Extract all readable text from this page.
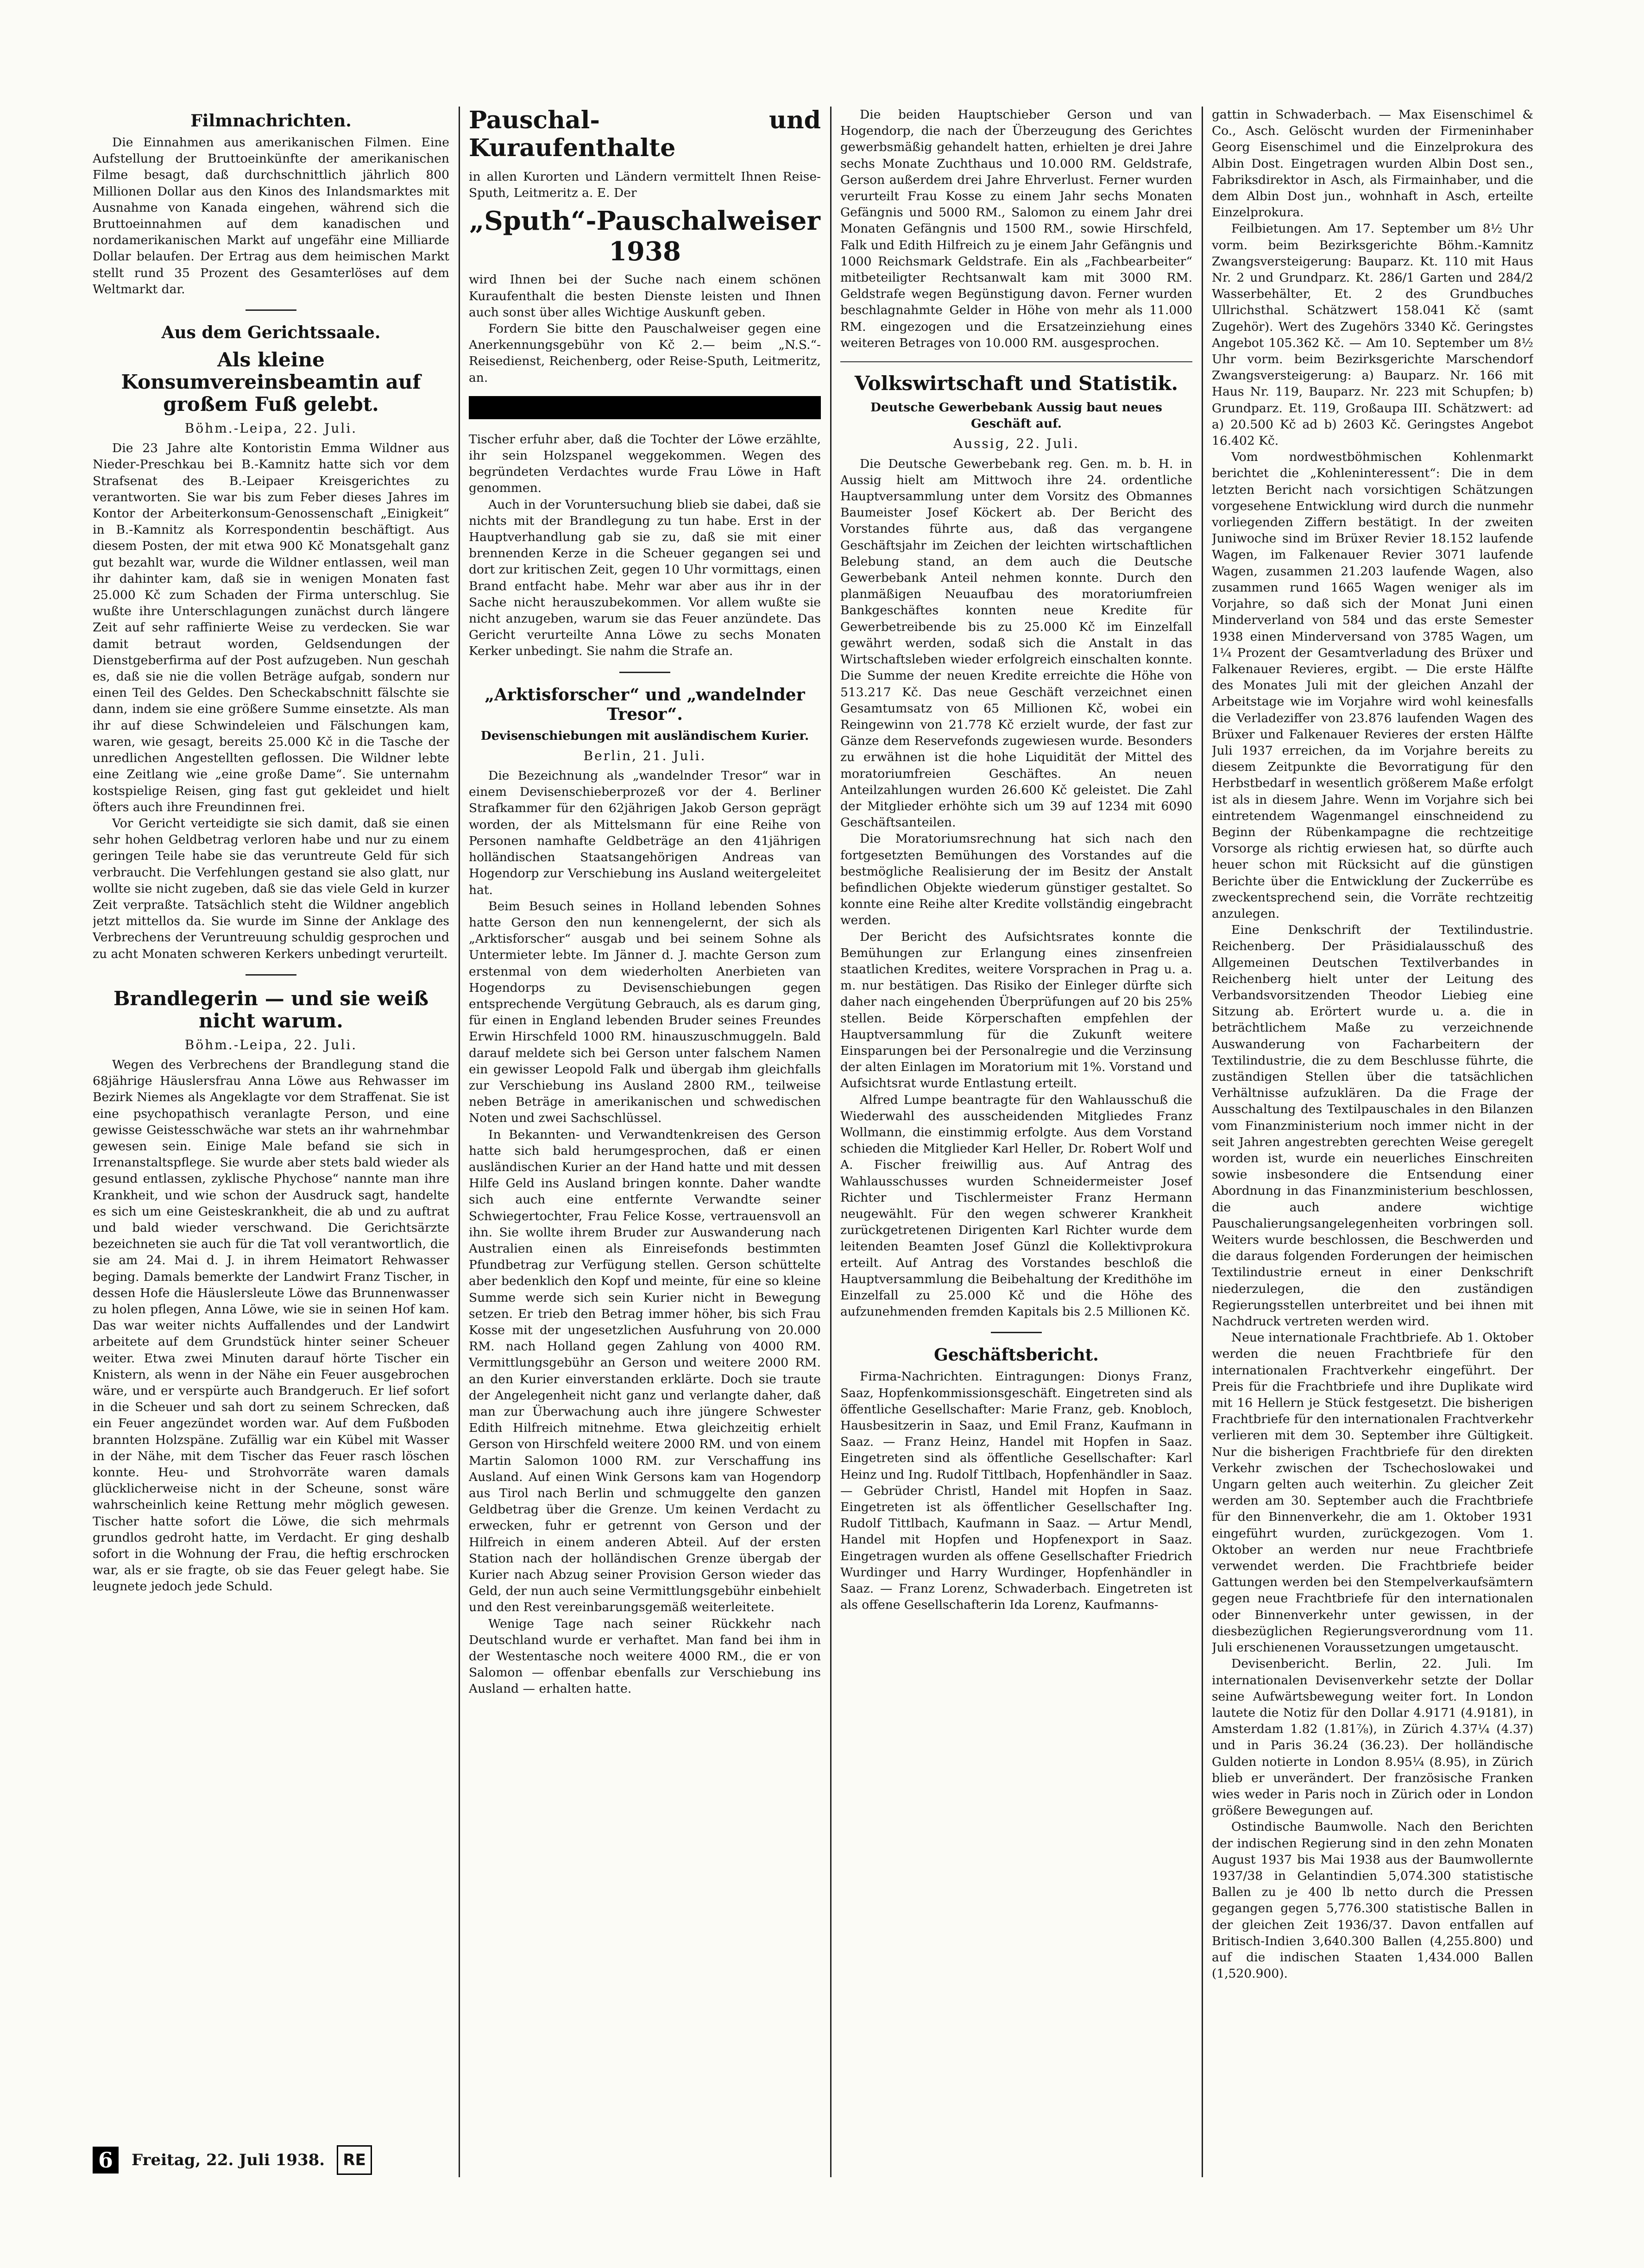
Filmnachrichten.

Die Einnahmen aus amerikanischen Filmen. Eine Aufstellung der Bruttoeinkünfte der amerikanischen Filme besagt, daß durchschnittlich jährlich 800 Millionen Dollar aus den Kinos des Inlandsmarktes mit Ausnahme von Kanada eingehen, während sich die Bruttoeinnahmen auf dem kanadischen und nordamerikanischen Markt auf ungefähr eine Milliarde Dollar belaufen. Der Ertrag aus dem heimischen Markt stellt rund 35 Prozent des Gesamterlöses auf dem Weltmarkt dar.

Aus dem Gerichtssaale.
Als kleine Konsumvereinsbeamtin auf großem Fuß gelebt.
Böhm.-Leipa, 22. Juli.

Die 23 Jahre alte Kontoristin Emma Wildner aus Nieder-Preschkau bei B.-Kamnitz hatte sich vor dem Strafsenat des B.-Leipaer Kreisgerichtes zu verantworten. Sie war bis zum Feber dieses Jahres im Kontor der Arbeiterkonsum-Genossenschaft „Einigkeit“ in B.-Kamnitz als Korrespondentin beschäftigt. Aus diesem Posten, der mit etwa 900 Kč Monatsgehalt ganz gut bezahlt war, wurde die Wildner entlassen, weil man ihr dahinter kam, daß sie in wenigen Monaten fast 25.000 Kč zum Schaden der Firma unterschlug. Sie wußte ihre Unterschlagungen zunächst durch längere Zeit auf sehr raffinierte Weise zu verdecken. Sie war damit betraut worden, Geldsendungen der Dienstgeberfirma auf der Post aufzugeben. Nun geschah es, daß sie nie die vollen Beträge aufgab, sondern nur einen Teil des Geldes. Den Scheckabschnitt fälschte sie dann, indem sie eine größere Summe einsetzte. Als man ihr auf diese Schwindeleien und Fälschungen kam, waren, wie gesagt, bereits 25.000 Kč in die Tasche der unredlichen Angestellten geflossen. Die Wildner lebte eine Zeitlang wie „eine große Dame“. Sie unternahm kostspielige Reisen, ging fast gut gekleidet und hielt öfters auch ihre Freundinnen frei.

Vor Gericht verteidigte sie sich damit, daß sie einen sehr hohen Geldbetrag verloren habe und nur zu einem geringen Teile habe sie das veruntreute Geld für sich verbraucht. Die Verfehlungen gestand sie also glatt, nur wollte sie nicht zugeben, daß sie das viele Geld in kurzer Zeit verpraßte. Tatsächlich steht die Wildner angeblich jetzt mittellos da. Sie wurde im Sinne der Anklage des Verbrechens der Veruntreuung schuldig gesprochen und zu acht Monaten schweren Kerkers unbedingt verurteilt.

Brandlegerin — und sie weiß nicht warum.
Böhm.-Leipa, 22. Juli.

Wegen des Verbrechens der Brandlegung stand die 68jährige Häuslersfrau Anna Löwe aus Rehwasser im Bezirk Niemes als Angeklagte vor dem Straffenat. Sie ist eine psychopathisch veranlagte Person, und eine gewisse Geistesschwäche war stets an ihr wahrnehmbar gewesen sein. Einige Male befand sie sich in Irrenanstaltspflege. Sie wurde aber stets bald wieder als gesund entlassen, zyklische Phychose“ nannte man ihre Krankheit, und wie schon der Ausdruck sagt, handelte es sich um eine Geisteskrankheit, die ab und zu auftrat und bald wieder verschwand. Die Gerichtsärzte bezeichneten sie auch für die Tat voll verantwortlich, die sie am 24. Mai d. J. in ihrem Heimatort Rehwasser beging. Damals bemerkte der Landwirt Franz Tischer, in dessen Hofe die Häuslersleute Löwe das Brunnenwasser zu holen pflegen, Anna Löwe, wie sie in seinen Hof kam. Das war weiter nichts Auffallendes und der Landwirt arbeitete auf dem Grundstück hinter seiner Scheuer weiter. Etwa zwei Minuten darauf hörte Tischer ein Knistern, als wenn in der Nähe ein Feuer ausgebrochen wäre, und er verspürte auch Brandgeruch. Er lief sofort in die Scheuer und sah dort zu seinem Schrecken, daß ein Feuer angezündet worden war. Auf dem Fußboden brannten Holzspäne. Zufällig war ein Kübel mit Wasser in der Nähe, mit dem Tischer das Feuer rasch löschen konnte. Heu- und Strohvorräte waren damals glücklicherweise nicht in der Scheune, sonst wäre wahrscheinlich keine Rettung mehr möglich gewesen. Tischer hatte sofort die Löwe, die sich mehrmals grundlos gedroht hatte, im Verdacht. Er ging deshalb sofort in die Wohnung der Frau, die heftig erschrocken war, als er sie fragte, ob sie das Feuer gelegt habe. Sie leugnete jedoch jede Schuld.

Pauschal- und Kuraufenthalte

in allen Kurorten und Ländern vermittelt Ihnen Reise-Sputh, Leitmeritz a. E. Der

„Sputh“-Pauschalweiser 1938

wird Ihnen bei der Suche nach einem schönen Kuraufenthalt die besten Dienste leisten und Ihnen auch sonst über alles Wichtige Auskunft geben.

Fordern Sie bitte den Pauschalweiser gegen eine Anerkennungsgebühr von Kč 2.— beim „N.S.“-Reisedienst, Reichenberg, oder Reise-Sputh, Leitmeritz, an.

Tischer erfuhr aber, daß die Tochter der Löwe erzählte, ihr sein Holzspanel weggekommen. Wegen des begründeten Verdachtes wurde Frau Löwe in Haft genommen.

Auch in der Voruntersuchung blieb sie dabei, daß sie nichts mit der Brandlegung zu tun habe. Erst in der Hauptverhandlung gab sie zu, daß sie mit einer brennenden Kerze in die Scheuer gegangen sei und dort zur kritischen Zeit, gegen 10 Uhr vormittags, einen Brand entfacht habe. Mehr war aber aus ihr in der Sache nicht herauszubekommen. Vor allem wußte sie nicht anzugeben, warum sie das Feuer anzündete. Das Gericht verurteilte Anna Löwe zu sechs Monaten Kerker unbedingt. Sie nahm die Strafe an.

„Arktisforscher“ und „wandelnder Tresor“.
Devisenschiebungen mit ausländischem Kurier.
Berlin, 21. Juli.

Die Bezeichnung als „wandelnder Tresor“ war in einem Devisenschieberprozeß vor der 4. Berliner Strafkammer für den 62jährigen Jakob Gerson geprägt worden, der als Mittelsmann für eine Reihe von Personen namhafte Geldbeträge an den 41jährigen holländischen Staatsangehörigen Andreas van Hogendorp zur Verschiebung ins Ausland weitergeleitet hat.

Beim Besuch seines in Holland lebenden Sohnes hatte Gerson den nun kennengelernt, der sich als „Arktisforscher“ ausgab und bei seinem Sohne als Untermieter lebte. Im Jänner d. J. machte Gerson zum erstenmal von dem wiederholten Anerbieten van Hogendorps zu Devisenschiebungen gegen entsprechende Vergütung Gebrauch, als es darum ging, für einen in England lebenden Bruder seines Freundes Erwin Hirschfeld 1000 RM. hinauszuschmuggeln. Bald darauf meldete sich bei Gerson unter falschem Namen ein gewisser Leopold Falk und übergab ihm gleichfalls zur Verschiebung ins Ausland 2800 RM., teilweise neben Beträge in amerikanischen und schwedischen Noten und zwei Sachschlüssel.

In Bekannten- und Verwandtenkreisen des Gerson hatte sich bald herumgesprochen, daß er einen ausländischen Kurier an der Hand hatte und mit dessen Hilfe Geld ins Ausland bringen konnte. Daher wandte sich auch eine entfernte Verwandte seiner Schwiegertochter, Frau Felice Kosse, vertrauensvoll an ihn. Sie wollte ihrem Bruder zur Auswanderung nach Australien einen als Einreisefonds bestimmten Pfundbetrag zur Verfügung stellen. Gerson schüttelte aber bedenklich den Kopf und meinte, für eine so kleine Summe werde sich sein Kurier nicht in Bewegung setzen. Er trieb den Betrag immer höher, bis sich Frau Kosse mit der ungesetzlichen Ausfuhrung von 20.000 RM. nach Holland gegen Zahlung von 4000 RM. Vermittlungsgebühr an Gerson und weitere 2000 RM. an den Kurier einverstanden erklärte. Doch sie traute der Angelegenheit nicht ganz und verlangte daher, daß man zur Überwachung auch ihre jüngere Schwester Edith Hilfreich mitnehme. Etwa gleichzeitig erhielt Gerson von Hirschfeld weitere 2000 RM. und von einem Martin Salomon 1000 RM. zur Verschaffung ins Ausland. Auf einen Wink Gersons kam van Hogendorp aus Tirol nach Berlin und schmuggelte den ganzen Geldbetrag über die Grenze. Um keinen Verdacht zu erwecken, fuhr er getrennt von Gerson und der Hilfreich in einem anderen Abteil. Auf der ersten Station nach der holländischen Grenze übergab der Kurier nach Abzug seiner Provision Gerson wieder das Geld, der nun auch seine Vermittlungsgebühr einbehielt und den Rest vereinbarungsgemäß weiterleitete.

Wenige Tage nach seiner Rückkehr nach Deutschland wurde er verhaftet. Man fand bei ihm in der Westentasche noch weitere 4000 RM., die er von Salomon — offenbar ebenfalls zur Verschiebung ins Ausland — erhalten hatte.

Die beiden Hauptschieber Gerson und van Hogendorp, die nach der Überzeugung des Gerichtes gewerbsmäßig gehandelt hatten, erhielten je drei Jahre sechs Monate Zuchthaus und 10.000 RM. Geldstrafe, Gerson außerdem drei Jahre Ehrverlust. Ferner wurden verurteilt Frau Kosse zu einem Jahr sechs Monaten Gefängnis und 5000 RM., Salomon zu einem Jahr drei Monaten Gefängnis und 1500 RM., sowie Hirschfeld, Falk und Edith Hilfreich zu je einem Jahr Gefängnis und 1000 Reichsmark Geldstrafe. Ein als „Fachbearbeiter“ mitbeteiligter Rechtsanwalt kam mit 3000 RM. Geldstrafe wegen Begünstigung davon. Ferner wurden beschlagnahmte Gelder in Höhe von mehr als 11.000 RM. eingezogen und die Ersatzeinziehung eines weiteren Betrages von 10.000 RM. ausgesprochen.

Volkswirtschaft und Statistik.
Deutsche Gewerbebank Aussig baut neues Geschäft auf.
Aussig, 22. Juli.

Die Deutsche Gewerbebank reg. Gen. m. b. H. in Aussig hielt am Mittwoch ihre 24. ordentliche Hauptversammlung unter dem Vorsitz des Obmannes Baumeister Josef Köckert ab. Der Bericht des Vorstandes führte aus, daß das vergangene Geschäftsjahr im Zeichen der leichten wirtschaftlichen Belebung stand, an dem auch die Deutsche Gewerbebank Anteil nehmen konnte. Durch den planmäßigen Neuaufbau des moratoriumfreien Bankgeschäftes konnten neue Kredite für Gewerbetreibende bis zu 25.000 Kč im Einzelfall gewährt werden, sodaß sich die Anstalt in das Wirtschaftsleben wieder erfolgreich einschalten konnte. Die Summe der neuen Kredite erreichte die Höhe von 513.217 Kč. Das neue Geschäft verzeichnet einen Gesamtumsatz von 65 Millionen Kč, wobei ein Reingewinn von 21.778 Kč erzielt wurde, der fast zur Gänze dem Reservefonds zugewiesen wurde. Besonders zu erwähnen ist die hohe Liquidität der Mittel des moratoriumfreien Geschäftes. An neuen Anteilzahlungen wurden 26.600 Kč geleistet. Die Zahl der Mitglieder erhöhte sich um 39 auf 1234 mit 6090 Geschäftsanteilen.

Die Moratoriumsrechnung hat sich nach den fortgesetzten Bemühungen des Vorstandes auf die bestmögliche Realisierung der im Besitz der Anstalt befindlichen Objekte wiederum günstiger gestaltet. So konnte eine Reihe alter Kredite vollständig eingebracht werden.

Der Bericht des Aufsichtsrates konnte die Bemühungen zur Erlangung eines zinsenfreien staatlichen Kredites, weitere Vorsprachen in Prag u. a. m. nur bestätigen. Das Risiko der Einleger dürfte sich daher nach eingehenden Überprüfungen auf 20 bis 25% stellen. Beide Körperschaften empfehlen der Hauptversammlung für die Zukunft weitere Einsparungen bei der Personalregie und die Verzinsung der alten Einlagen im Moratorium mit 1%. Vorstand und Aufsichtsrat wurde Entlastung erteilt.

Alfred Lumpe beantragte für den Wahlausschuß die Wiederwahl des ausscheidenden Mitgliedes Franz Wollmann, die einstimmig erfolgte. Aus dem Vorstand schieden die Mitglieder Karl Heller, Dr. Robert Wolf und A. Fischer freiwillig aus. Auf Antrag des Wahlausschusses wurden Schneidermeister Josef Richter und Tischlermeister Franz Hermann neugewählt. Für den wegen schwerer Krankheit zurückgetretenen Dirigenten Karl Richter wurde dem leitenden Beamten Josef Günzl die Kollektivprokura erteilt. Auf Antrag des Vorstandes beschloß die Hauptversammlung die Beibehaltung der Kredithöhe im Einzelfall zu 25.000 Kč und die Höhe des aufzunehmenden fremden Kapitals bis 2.5 Millionen Kč.

Geschäftsbericht.

Firma-Nachrichten. Eintragungen: Dionys Franz, Saaz, Hopfenkommissionsgeschäft. Eingetreten sind als öffentliche Gesellschafter: Marie Franz, geb. Knobloch, Hausbesitzerin in Saaz, und Emil Franz, Kaufmann in Saaz. — Franz Heinz, Handel mit Hopfen in Saaz. Eingetreten sind als öffentliche Gesellschafter: Karl Heinz und Ing. Rudolf Tittlbach, Hopfenhändler in Saaz. — Gebrüder Christl, Handel mit Hopfen in Saaz. Eingetreten ist als öffentlicher Gesellschafter Ing. Rudolf Tittlbach, Kaufmann in Saaz. — Artur Mendl, Handel mit Hopfen und Hopfenexport in Saaz. Eingetragen wurden als offene Gesellschafter Friedrich Wurdinger und Harry Wurdinger, Hopfenhändler in Saaz. — Franz Lorenz, Schwaderbach. Eingetreten ist als offene Gesellschafterin Ida Lorenz, Kaufmanns-

gattin in Schwaderbach. — Max Eisenschimel & Co., Asch. Gelöscht wurden der Firmeninhaber Georg Eisenschimel und die Einzelprokura des Albin Dost. Eingetragen wurden Albin Dost sen., Fabriksdirektor in Asch, als Firmainhaber, und die dem Albin Dost jun., wohnhaft in Asch, erteilte Einzelprokura.

Feilbietungen. Am 17. September um 8½ Uhr vorm. beim Bezirksgerichte Böhm.-Kamnitz Zwangsversteigerung: Bauparz. Kt. 110 mit Haus Nr. 2 und Grundparz. Kt. 286/1 Garten und 284/2 Wasserbehälter, Et. 2 des Grundbuches Ullrichsthal. Schätzwert 158.041 Kč (samt Zugehör). Wert des Zugehörs 3340 Kč. Geringstes Angebot 105.362 Kč. — Am 10. September um 8½ Uhr vorm. beim Bezirksgerichte Marschendorf Zwangsversteigerung: a) Bauparz. Nr. 166 mit Haus Nr. 119, Bauparz. Nr. 223 mit Schupfen; b) Grundparz. Et. 119, Großaupa III. Schätzwert: ad a) 20.500 Kč ad b) 2603 Kč. Geringstes Angebot 16.402 Kč.

Vom nordwestböhmischen Kohlenmarkt berichtet die „Kohleninteressent“: Die in dem letzten Bericht nach vorsichtigen Schätzungen vorgesehene Entwicklung wird durch die nunmehr vorliegenden Ziffern bestätigt. In der zweiten Juniwoche sind im Brüxer Revier 18.152 laufende Wagen, im Falkenauer Revier 3071 laufende Wagen, zusammen 21.203 laufende Wagen, also zusammen rund 1665 Wagen weniger als im Vorjahre, so daß sich der Monat Juni einen Minderverland von 584 und das erste Semester 1938 einen Minderversand von 3785 Wagen, um 1¼ Prozent der Gesamtverladung des Brüxer und Falkenauer Revieres, ergibt. — Die erste Hälfte des Monates Juli mit der gleichen Anzahl der Arbeitstage wie im Vorjahre wird wohl keinesfalls die Verladeziffer von 23.876 laufenden Wagen des Brüxer und Falkenauer Revieres der ersten Hälfte Juli 1937 erreichen, da im Vorjahre bereits zu diesem Zeitpunkte die Bevorratigung für den Herbstbedarf in wesentlich größerem Maße erfolgt ist als in diesem Jahre. Wenn im Vorjahre sich bei eintretendem Wagenmangel einschneidend zu Beginn der Rübenkampagne die rechtzeitige Vorsorge als richtig erwiesen hat, so dürfte auch heuer schon mit Rücksicht auf die günstigen Berichte über die Entwicklung der Zuckerrübe es zweckentsprechend sein, die Vorräte rechtzeitig anzulegen.

Eine Denkschrift der Textilindustrie. Reichenberg. Der Präsidialausschuß des Allgemeinen Deutschen Textilverbandes in Reichenberg hielt unter der Leitung des Verbandsvorsitzenden Theodor Liebieg eine Sitzung ab. Erörtert wurde u. a. die in beträchtlichem Maße zu verzeichnende Auswanderung von Facharbeitern der Textilindustrie, die zu dem Beschlusse führte, die zuständigen Stellen über die tatsächlichen Verhältnisse aufzuklären. Da die Frage der Ausschaltung des Textilpauschales in den Bilanzen vom Finanzministerium noch immer nicht in der seit Jahren angestrebten gerechten Weise geregelt worden ist, wurde ein neuerliches Einschreiten sowie insbesondere die Entsendung einer Abordnung in das Finanzministerium beschlossen, die auch andere wichtige Pauschalierungsangelegenheiten vorbringen soll. Weiters wurde beschlossen, die Beschwerden und die daraus folgenden Forderungen der heimischen Textilindustrie erneut in einer Denkschrift niederzulegen, die den zuständigen Regierungsstellen unterbreitet und bei ihnen mit Nachdruck vertreten werden wird.

Neue internationale Frachtbriefe. Ab 1. Oktober werden die neuen Frachtbriefe für den internationalen Frachtverkehr eingeführt. Der Preis für die Frachtbriefe und ihre Duplikate wird mit 16 Hellern je Stück festgesetzt. Die bisherigen Frachtbriefe für den internationalen Frachtverkehr verlieren mit dem 30. September ihre Gültigkeit. Nur die bisherigen Frachtbriefe für den direkten Verkehr zwischen der Tschechoslowakei und Ungarn gelten auch weiterhin. Zu gleicher Zeit werden am 30. September auch die Frachtbriefe für den Binnenverkehr, die am 1. Oktober 1931 eingeführt wurden, zurückgezogen. Vom 1. Oktober an werden nur neue Frachtbriefe verwendet werden. Die Frachtbriefe beider Gattungen werden bei den Stempelverkaufsämtern gegen neue Frachtbriefe für den internationalen oder Binnenverkehr unter gewissen, in der diesbezüglichen Regierungsverordnung vom 11. Juli erschienenen Voraussetzungen umgetauscht.

Devisenbericht. Berlin, 22. Juli. Im internationalen Devisenverkehr setzte der Dollar seine Aufwärtsbewegung weiter fort. In London lautete die Notiz für den Dollar 4.9171 (4.9181), in Amsterdam 1.82 (1.81⅞), in Zürich 4.37¼ (4.37) und in Paris 36.24 (36.23). Der holländische Gulden notierte in London 8.95¼ (8.95), in Zürich blieb er unverändert. Der französische Franken wies weder in Paris noch in Zürich oder in London größere Bewegungen auf.

Ostindische Baumwolle. Nach den Berichten der indischen Regierung sind in den zehn Monaten August 1937 bis Mai 1938 aus der Baumwollernte 1937/38 in Gelantindien 5,074.300 statistische Ballen zu je 400 lb netto durch die Pressen gegangen gegen 5,776.300 statistische Ballen in der gleichen Zeit 1936/37. Davon entfallen auf Britisch-Indien 3,640.300 Ballen (4,255.800) und auf die indischen Staaten 1,434.000 Ballen (1,520.900).

6	Freitag, 22. Juli 1938.	RE
